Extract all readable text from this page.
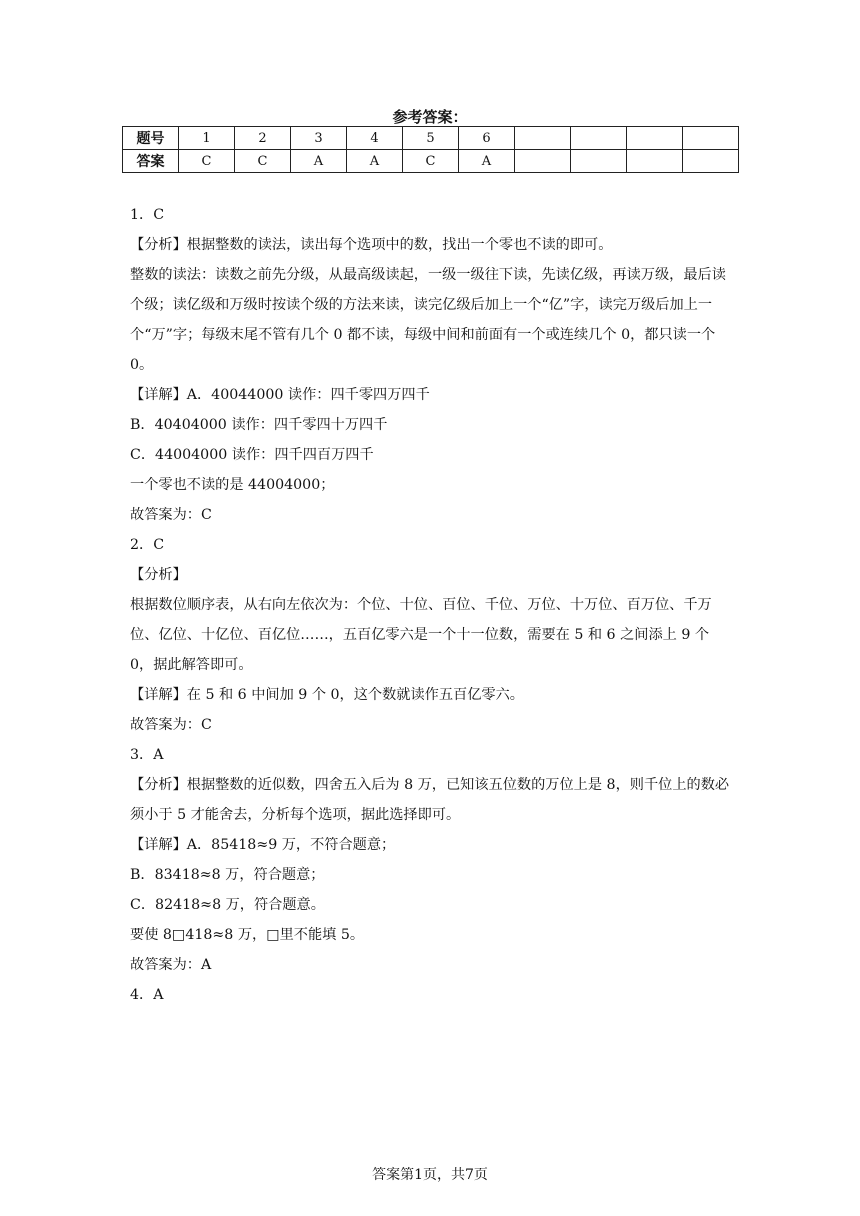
参考答案：
题号	1	2	3	4	5	6				
答案	C	C	A	A	C	A				

1．C

【分析】根据整数的读法，读出每个选项中的数，找出一个零也不读的即可。

整数的读法：读数之前先分级，从最高级读起，一级一级往下读，先读亿级，再读万级，最后读个级；读亿级和万级时按读个级的方法来读，读完亿级后加上一个“亿”字，读完万级后加上一个“万”字；每级末尾不管有几个 0 都不读，每级中间和前面有一个或连续几个 0，都只读一个 0。

【详解】A．40044000 读作：四千零四万四千

B．40404000 读作：四千零四十万四千

C．44004000 读作：四千四百万四千

一个零也不读的是 44004000；

故答案为：C

2．C

【分析】

根据数位顺序表，从右向左依次为：个位、十位、百位、千位、万位、十万位、百万位、千万位、亿位、十亿位、百亿位……，五百亿零六是一个十一位数，需要在 5 和 6 之间添上 9 个 0，据此解答即可。

【详解】在 5 和 6 中间加 9 个 0，这个数就读作五百亿零六。

故答案为：C

3．A

【分析】根据整数的近似数，四舍五入后为 8 万，已知该五位数的万位上是 8，则千位上的数必须小于 5 才能舍去，分析每个选项，据此选择即可。

【详解】A．85418≈9 万，不符合题意；

B．83418≈8 万，符合题意；

C．82418≈8 万，符合题意。

要使 8□418≈8 万，□里不能填 5。

故答案为：A

4．A

答案第1页，共7页
